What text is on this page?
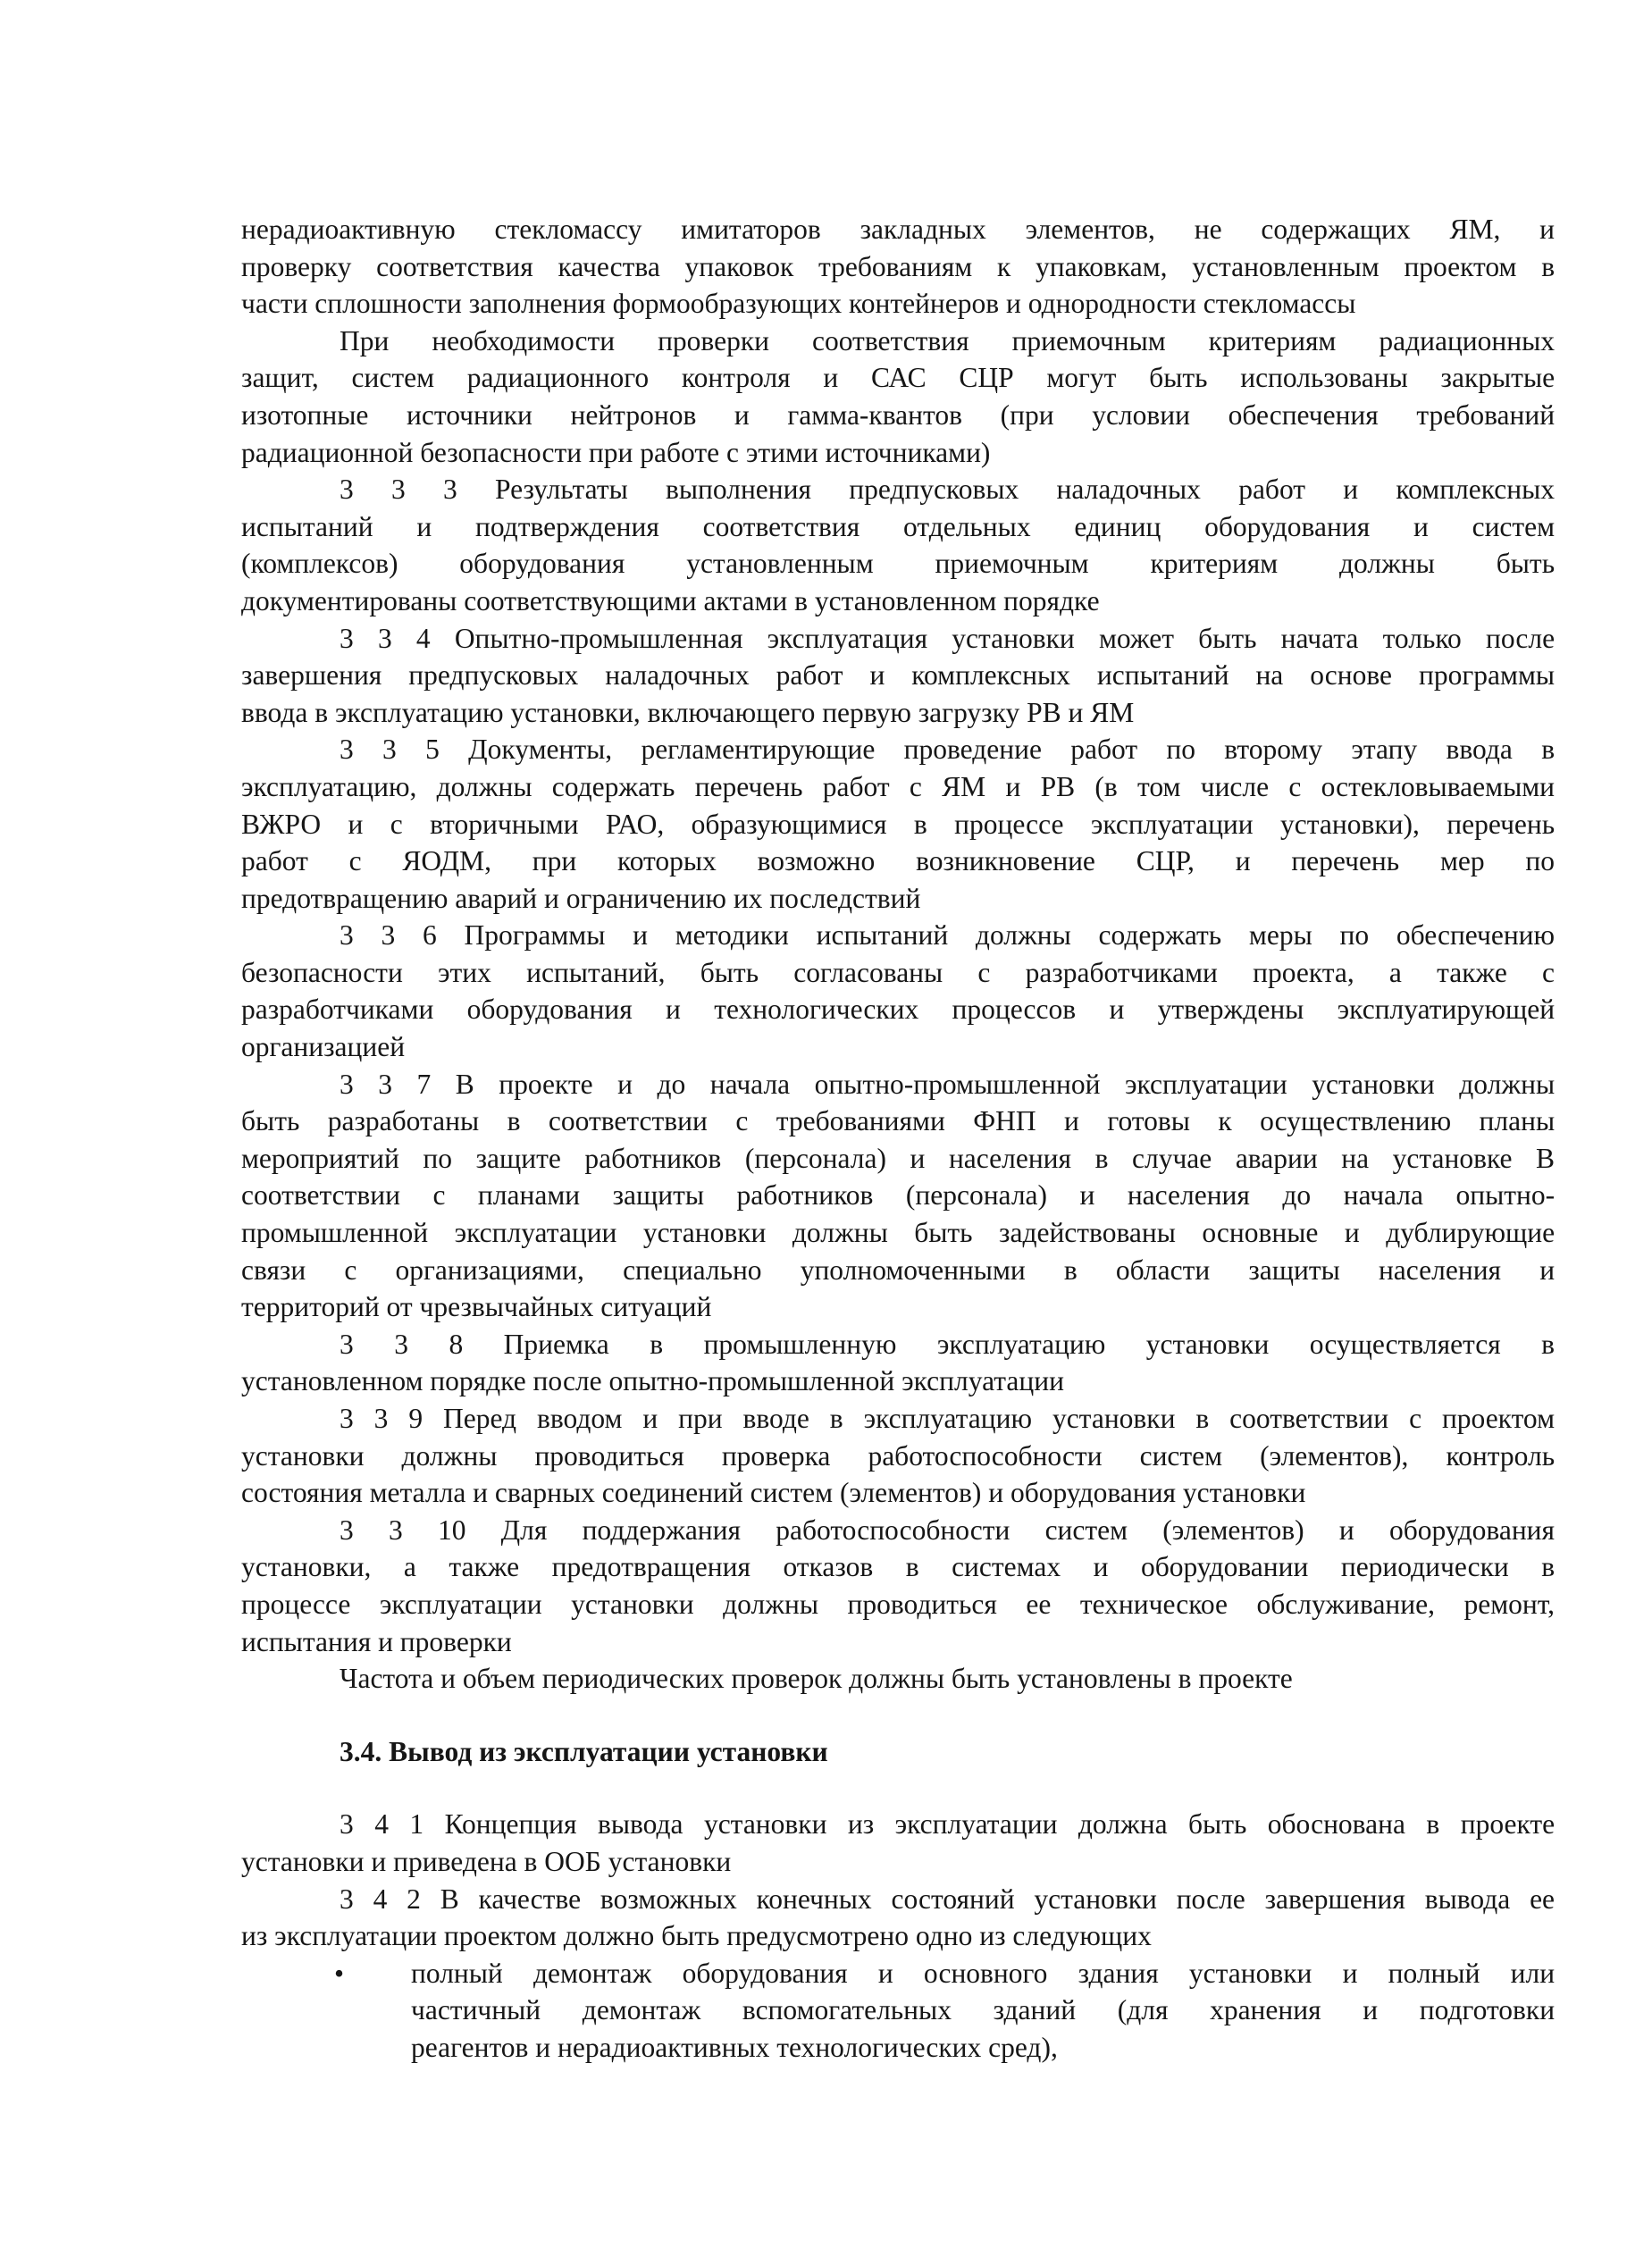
нерадиоактивную стекломассу имитаторов закладных элементов, не содержащих ЯМ, и
проверку соответствия качества упаковок требованиям к упаковкам, установленным проектом в
части сплошности заполнения формообразующих контейнеров и однородности стекломассы
При необходимости проверки соответствия приемочным критериям радиационных
защит, систем радиационного контроля и САС СЦР могут быть использованы закрытые
изотопные источники нейтронов и гамма-квантов (при условии обеспечения требований
радиационной безопасности при работе с этими источниками)
3 3 3 Результаты выполнения предпусковых наладочных работ и комплексных
испытаний и подтверждения соответствия отдельных единиц оборудования и систем
(комплексов) оборудования установленным приемочным критериям должны быть
документированы соответствующими актами в установленном порядке
3 3 4 Опытно-промышленная эксплуатация установки может быть начата только после
завершения предпусковых наладочных работ и комплексных испытаний на основе программы
ввода в эксплуатацию установки, включающего первую загрузку РВ и ЯМ
3 3 5 Документы, регламентирующие проведение работ по второму этапу ввода в
эксплуатацию, должны содержать перечень работ с ЯМ и РВ (в том числе с остекловываемыми
ВЖРО и с вторичными РАО, образующимися в процессе эксплуатации установки), перечень
работ с ЯОДМ, при которых возможно возникновение СЦР, и перечень мер по
предотвращению аварий и ограничению их последствий
3 3 6 Программы и методики испытаний должны содержать меры по обеспечению
безопасности этих испытаний, быть согласованы с разработчиками проекта, а также с
разработчиками оборудования и технологических процессов и утверждены эксплуатирующей
организацией
3 3 7 В проекте и до начала опытно-промышленной эксплуатации установки должны
быть разработаны в соответствии с требованиями ФНП и готовы к осуществлению планы
мероприятий по защите работников (персонала) и населения в случае аварии на установке В
соответствии с планами защиты работников (персонала) и населения до начала опытно-
промышленной эксплуатации установки должны быть задействованы основные и дублирующие
связи с организациями, специально уполномоченными в области защиты населения и
территорий от чрезвычайных ситуаций
3 3 8 Приемка в промышленную эксплуатацию установки осуществляется в
установленном порядке после опытно-промышленной эксплуатации
3 3 9 Перед вводом и при вводе в эксплуатацию установки в соответствии с проектом
установки должны проводиться проверка работоспособности систем (элементов), контроль
состояния металла и сварных соединений систем (элементов) и оборудования установки
3 3 10 Для поддержания работоспособности систем (элементов) и оборудования
установки, а также предотвращения отказов в системах и оборудовании периодически в
процессе эксплуатации установки должны проводиться ее техническое обслуживание, ремонт,
испытания и проверки
Частота и объем периодических проверок должны быть установлены в проекте
3.4. Вывод из эксплуатации установки
3 4 1 Концепция вывода установки из эксплуатации должна быть обоснована в проекте
установки и приведена в ООБ установки
3 4 2 В качестве возможных конечных состояний установки после завершения вывода ее
из эксплуатации проектом должно быть предусмотрено одно из следующих
•	полный демонтаж оборудования и основного здания установки и полный или
частичный демонтаж вспомогательных зданий (для хранения и подготовки
реагентов и нерадиоактивных технологических сред),
